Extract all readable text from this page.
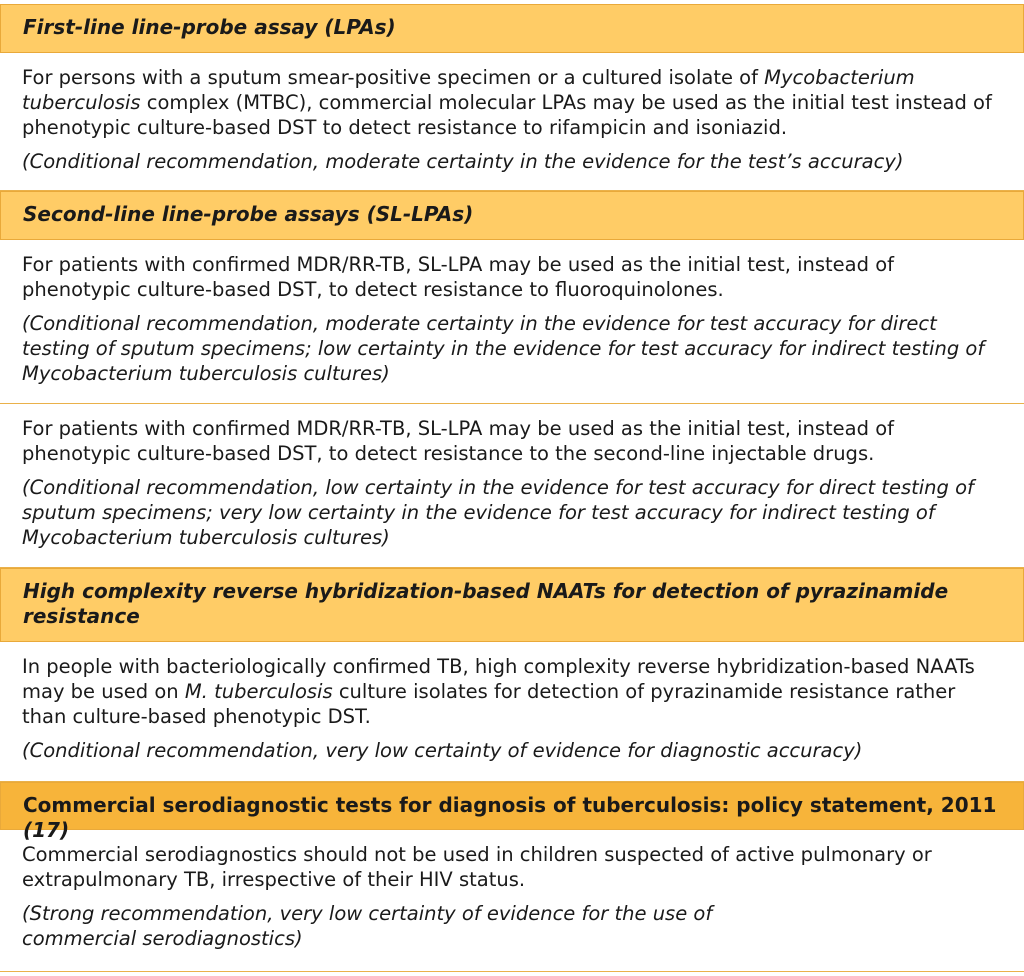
First-line line-probe assay (LPAs)

For persons with a sputum smear-positive specimen or a cultured isolate of Mycobacterium tuberculosis complex (MTBC), commercial molecular LPAs may be used as the initial test instead of phenotypic culture-based DST to detect resistance to rifampicin and isoniazid.

(Conditional recommendation, moderate certainty in the evidence for the test’s accuracy)

Second-line line-probe assays (SL-LPAs)

For patients with confirmed MDR/RR-TB, SL-LPA may be used as the initial test, instead of phenotypic culture-based DST, to detect resistance to fluoroquinolones.

(Conditional recommendation, moderate certainty in the evidence for test accuracy for direct testing of sputum specimens; low certainty in the evidence for test accuracy for indirect testing of Mycobacterium tuberculosis cultures)

For patients with confirmed MDR/RR-TB, SL-LPA may be used as the initial test, instead of phenotypic culture-based DST, to detect resistance to the second-line injectable drugs.

(Conditional recommendation, low certainty in the evidence for test accuracy for direct testing of sputum specimens; very low certainty in the evidence for test accuracy for indirect testing of Mycobacterium tuberculosis cultures)

High complexity reverse hybridization-based NAATs for detection of pyrazinamide resistance

In people with bacteriologically confirmed TB, high complexity reverse hybridization-based NAATs may be used on M. tuberculosis culture isolates for detection of pyrazinamide resistance rather than culture-based phenotypic DST.

(Conditional recommendation, very low certainty of evidence for diagnostic accuracy)

Commercial serodiagnostic tests for diagnosis of tuberculosis: policy statement, 2011 (17)

Commercial serodiagnostics should not be used in children suspected of active pulmonary or extrapulmonary TB, irrespective of their HIV status.

(Strong recommendation, very low certainty of evidence for the use of commercial serodiagnostics)
